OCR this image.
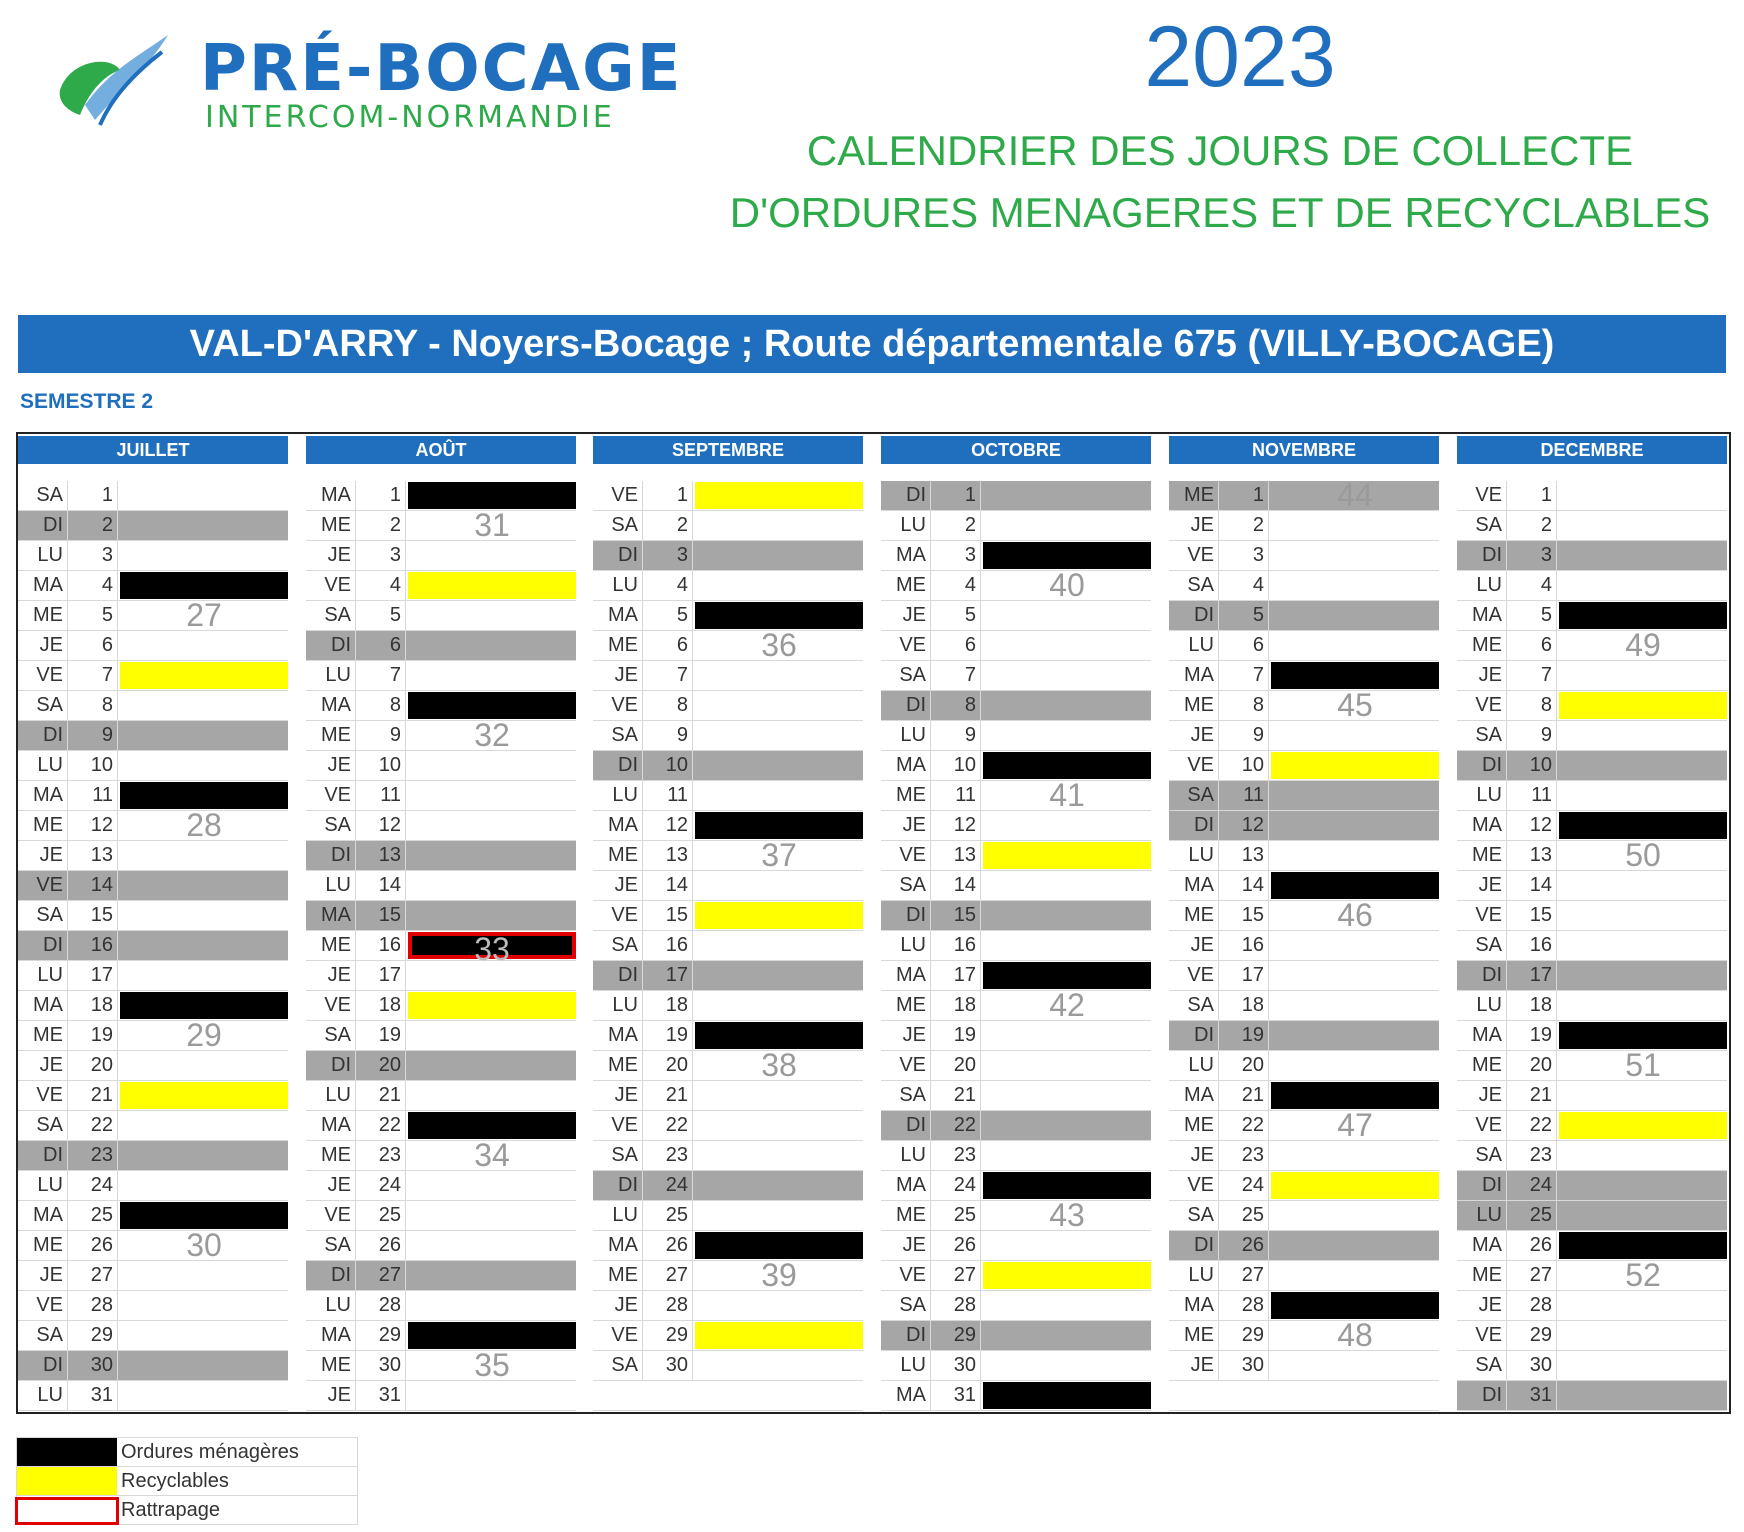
PRÉ-BOCAGE
INTERCOM-NORMANDIE
2023
CALENDRIER DES JOURS DE COLLECTE
D'ORDURES MENAGERES ET DE RECYCLABLES
VAL-D'ARRY - Noyers-Bocage ; Route départementale 675 (VILLY-BOCAGE)
SEMESTRE 2
JUILLET
SA	1
DI	2
LU	3
MA	4
ME	5	27
JE	6
VE	7
SA	8
DI	9
LU	10
MA	11
ME	12	28
JE	13
VE	14
SA	15
DI	16
LU	17
MA	18
ME	19	29
JE	20
VE	21
SA	22
DI	23
LU	24
MA	25
ME	26	30
JE	27
VE	28
SA	29
DI	30
LU	31
AOÛT
MA	1
ME	2	31
JE	3
VE	4
SA	5
DI	6
LU	7
MA	8
ME	9	32
JE	10
VE	11
SA	12
DI	13
LU	14
MA	15
ME	16	33
JE	17
VE	18
SA	19
DI	20
LU	21
MA	22
ME	23	34
JE	24
VE	25
SA	26
DI	27
LU	28
MA	29
ME	30	35
JE	31
SEPTEMBRE
VE	1
SA	2
DI	3
LU	4
MA	5
ME	6	36
JE	7
VE	8
SA	9
DI	10
LU	11
MA	12
ME	13	37
JE	14
VE	15
SA	16
DI	17
LU	18
MA	19
ME	20	38
JE	21
VE	22
SA	23
DI	24
LU	25
MA	26
ME	27	39
JE	28
VE	29
SA	30
OCTOBRE
DI	1
LU	2
MA	3
ME	4	40
JE	5
VE	6
SA	7
DI	8
LU	9
MA	10
ME	11	41
JE	12
VE	13
SA	14
DI	15
LU	16
MA	17
ME	18	42
JE	19
VE	20
SA	21
DI	22
LU	23
MA	24
ME	25	43
JE	26
VE	27
SA	28
DI	29
LU	30
MA	31
NOVEMBRE
ME	1	44
JE	2
VE	3
SA	4
DI	5
LU	6
MA	7
ME	8	45
JE	9
VE	10
SA	11
DI	12
LU	13
MA	14
ME	15	46
JE	16
VE	17
SA	18
DI	19
LU	20
MA	21
ME	22	47
JE	23
VE	24
SA	25
DI	26
LU	27
MA	28
ME	29	48
JE	30
DECEMBRE
VE	1
SA	2
DI	3
LU	4
MA	5
ME	6	49
JE	7
VE	8
SA	9
DI	10
LU	11
MA	12
ME	13	50
JE	14
VE	15
SA	16
DI	17
LU	18
MA	19
ME	20	51
JE	21
VE	22
SA	23
DI	24
LU	25
MA	26
ME	27	52
JE	28
VE	29
SA	30
DI	31
Ordures ménagères
Recyclables
Rattrapage
